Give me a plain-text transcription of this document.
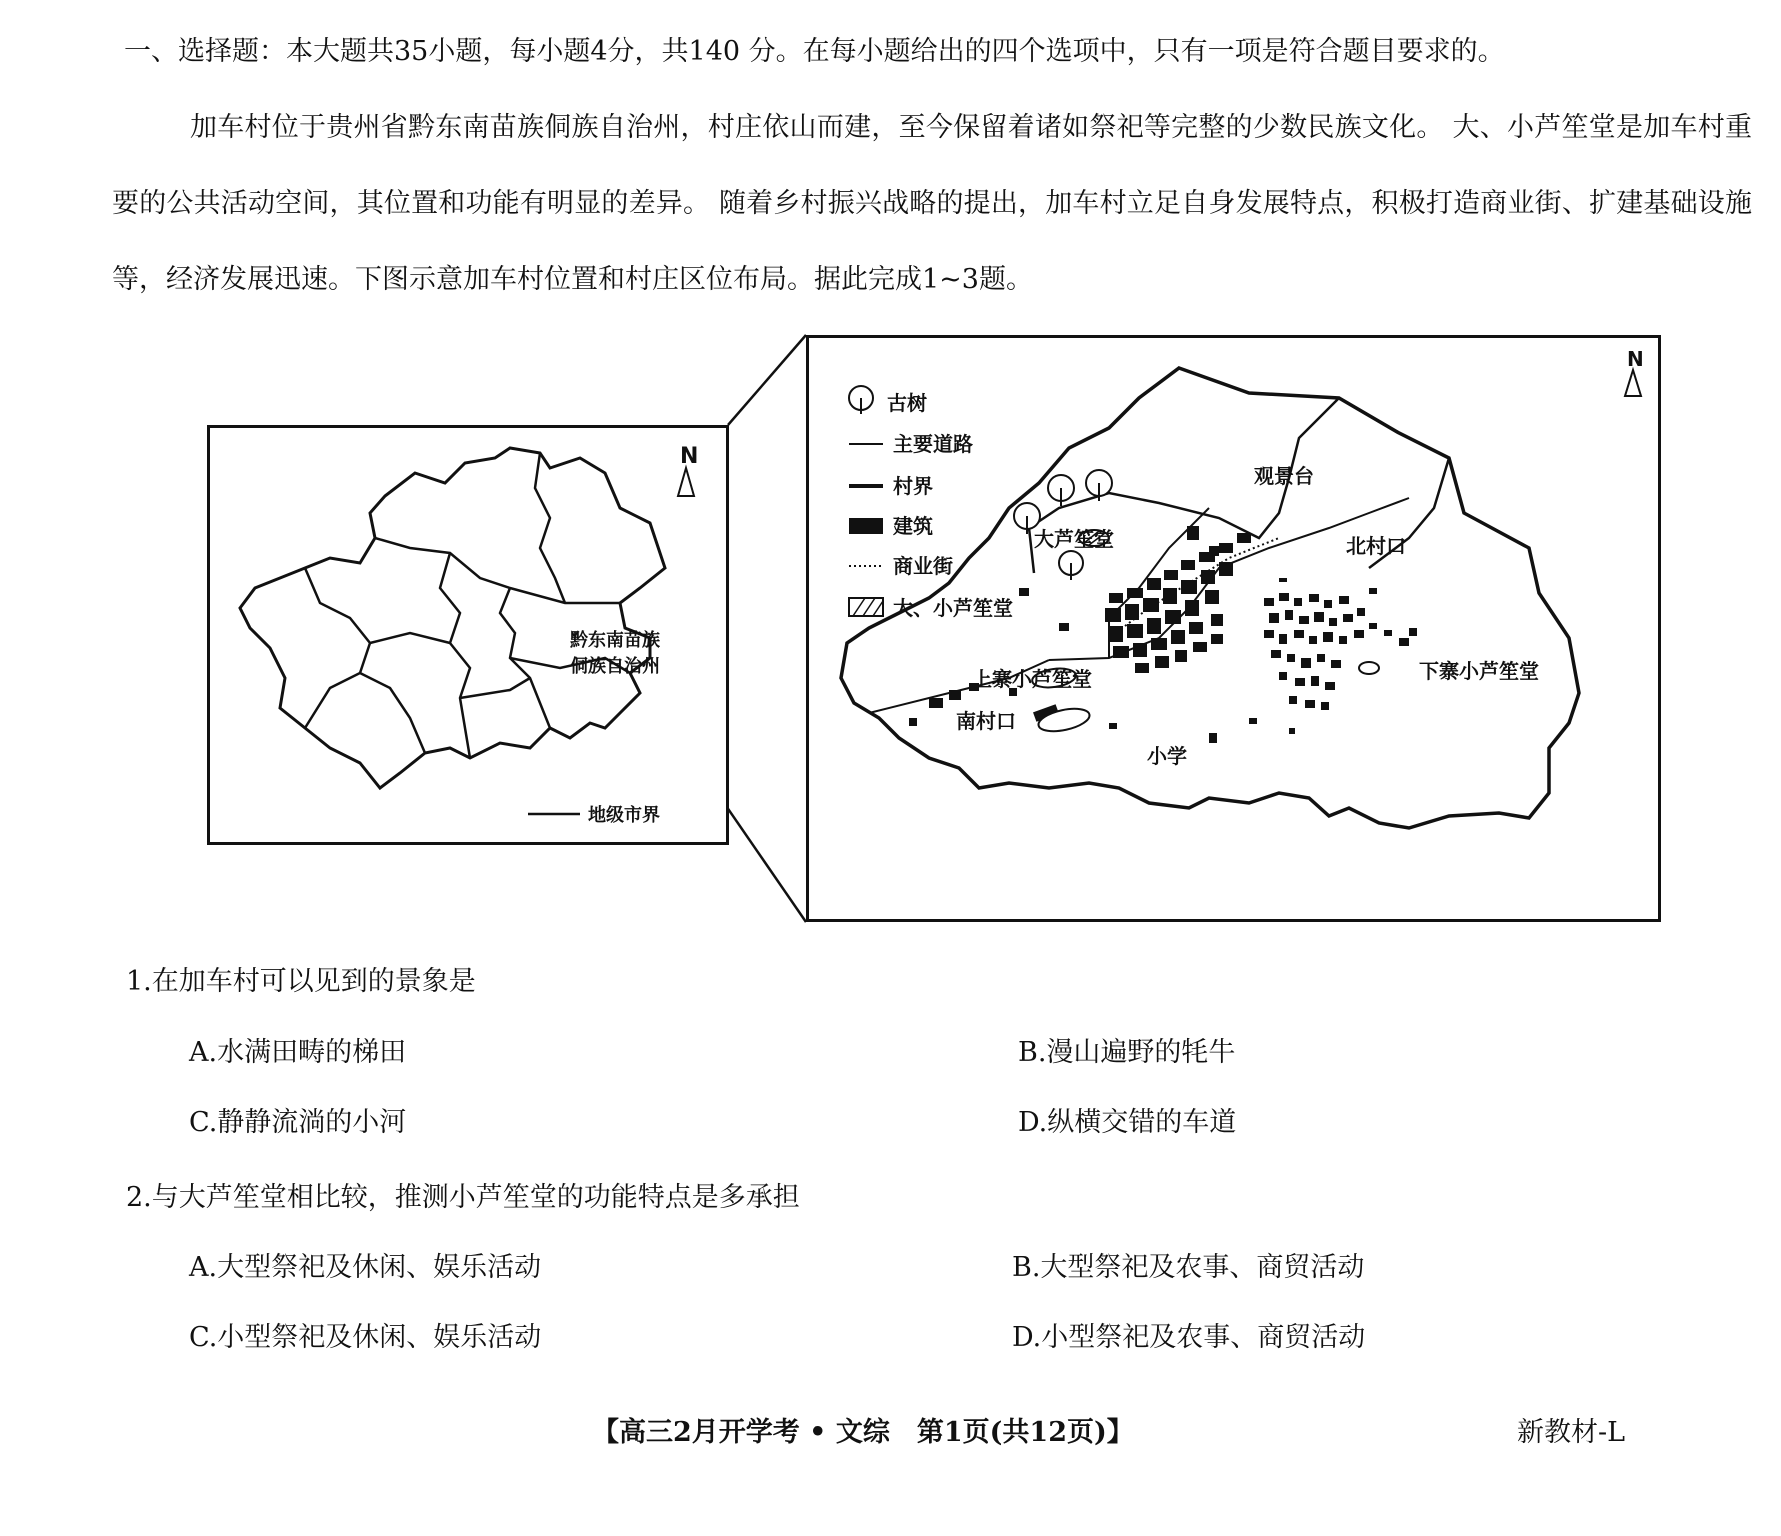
一、选择题：本大题共35小题，每小题4分，共140 分。在每小题给出的四个选项中，只有一项是符合题目要求的。

加车村位于贵州省黔东南苗族侗族自治州，村庄依山而建，至今保留着诸如祭祀等完整的少数民族文化。 大、小芦笙堂是加车村重要的公共活动空间，其位置和功能有明显的差异。 随着乡村振兴战略的提出，加车村立足自身发展特点，积极打造商业街、扩建基础设施等，经济发展迅速。下图示意加车村位置和村庄区位布局。据此完成1~3题。

N
黔东南苗族
侗族自治州
地级市界
古树
主要道路
村界
建筑
商业街
大、小芦笙堂
N
观景台
大芦笙堂	北村口
上寨小芦笙堂	下寨小芦笙堂
南村口
小学

1.在加车村可以见到的景象是

A.水满田畴的梯田	B.漫山遍野的牦牛

C.静静流淌的小河	D.纵横交错的车道

2.与大芦笙堂相比较，推测小芦笙堂的功能特点是多承担

A.大型祭祀及休闲、娱乐活动	B.大型祭祀及农事、商贸活动

C.小型祭祀及休闲、娱乐活动	D.小型祭祀及农事、商贸活动

【高三2月开学考 • 文综　第1页(共12页)】	新教材-L
